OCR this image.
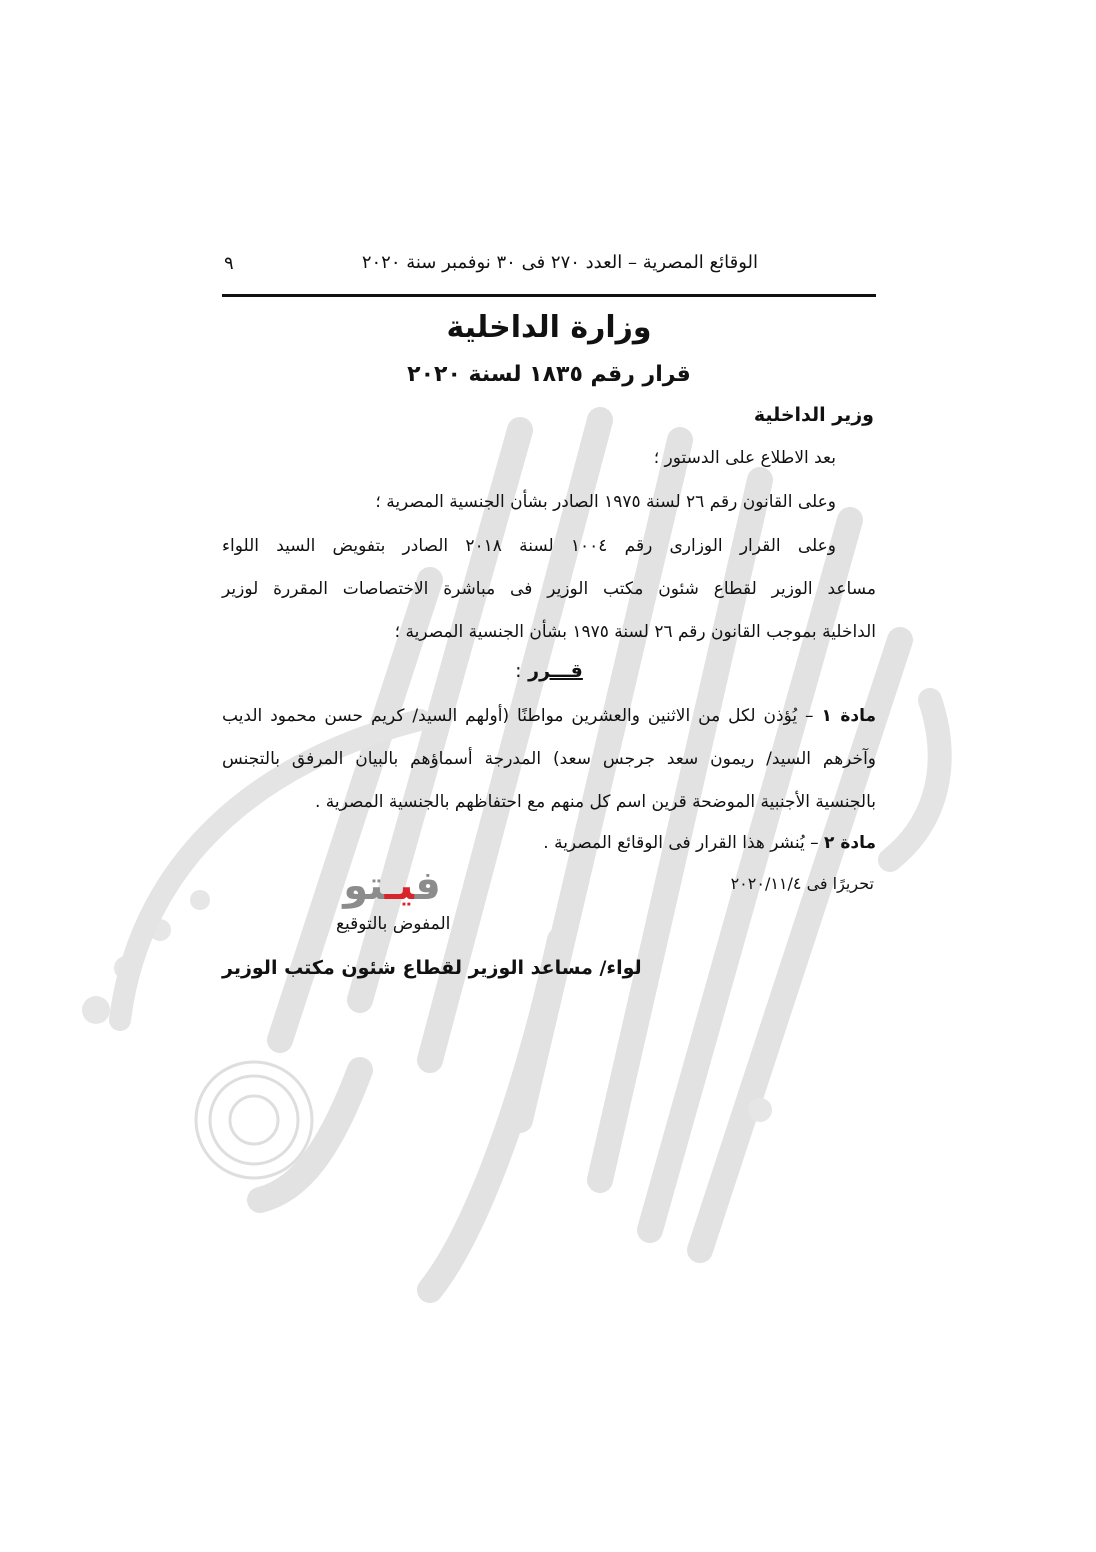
الوقائع المصرية – العدد ٢٧٠ فى ٣٠ نوفمبر سنة ٢٠٢٠
٩
وزارة الداخلية
قرار رقم ١٨٣٥ لسنة ٢٠٢٠
وزير الداخلية
بعد الاطلاع على الدستور ؛
وعلى القانون رقم ٢٦ لسنة ١٩٧٥ الصادر بشأن الجنسية المصرية ؛
وعلى القرار الوزارى رقم ١٠٠٤ لسنة ٢٠١٨ الصادر بتفويض السيد اللواء
مساعد الوزير لقطاع شئون مكتب الوزير فى مباشرة الاختصاصات المقررة لوزير
الداخلية بموجب القانون رقم ٢٦ لسنة ١٩٧٥ بشأن الجنسية المصرية ؛
مادة ١ – يُؤذن لكل من الاثنين والعشرين مواطنًا (أولهم السيد/ كريم حسن محمود الديب
وآخرهم السيد/ ريمون سعد جرجس سعد) المدرجة أسماؤهم بالبيان المرفق بالتجنس
بالجنسية الأجنبية الموضحة قرين اسم كل منهم مع احتفاظهم بالجنسية المصرية .
مادة ٢ – يُنشر هذا القرار فى الوقائع المصرية .
قـــرر :
تحريرًا فى ٢٠٢٠/١١/٤
فيـتو
المفوض بالتوقيع
لواء/ مساعد الوزير لقطاع شئون مكتب الوزير
